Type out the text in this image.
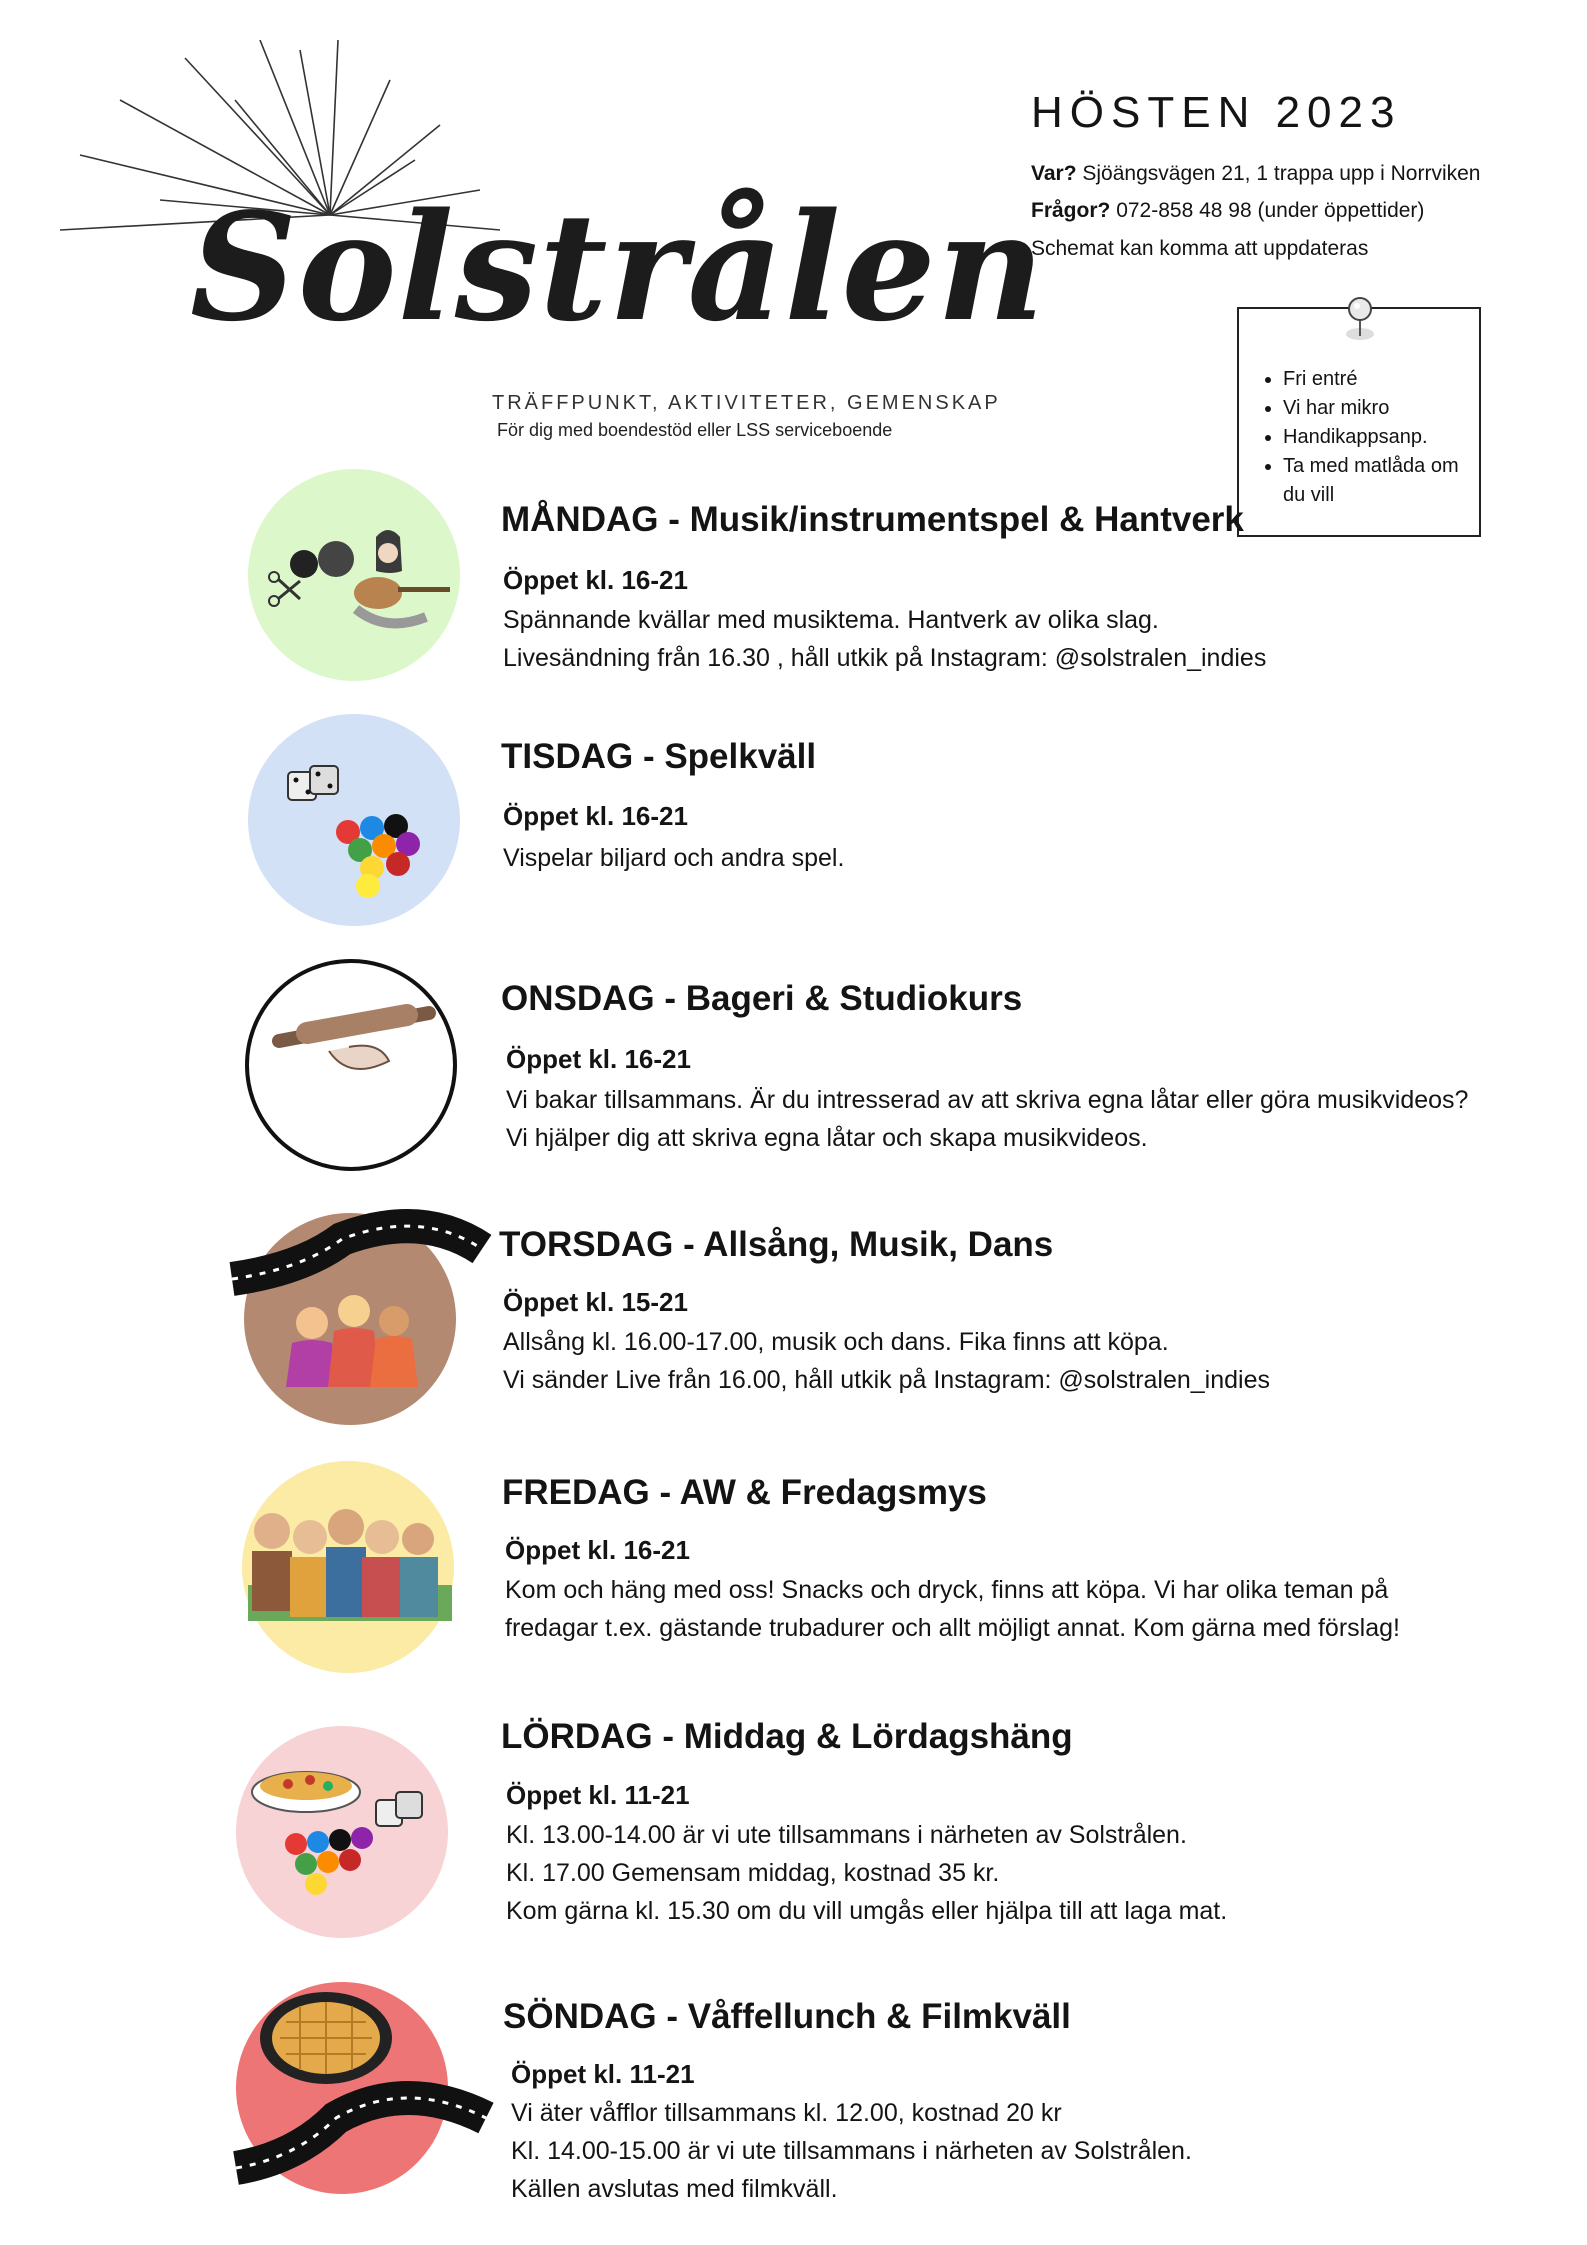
Solstrålen
TRÄFFPUNKT, AKTIVITETER, GEMENSKAP
För dig med boendestöd eller LSS serviceboende
HÖSTEN 2023
Var? Sjöängsvägen 21, 1 trappa upp i Norrviken
Frågor? 072-858 48 98 (under öppettider)
Schemat kan komma att uppdateras
• Fri entré
• Vi har mikro
• Handikappsanp.
• Ta med matlåda om du vill
MÅNDAG - Musik/instrumentspel & Hantverk
Öppet kl. 16-21
Spännande kvällar med musiktema. Hantverk av olika slag.
Livesändning från 16.30 , håll utkik på Instagram: @solstralen_indies
TISDAG - Spelkväll
Öppet kl. 16-21
Vispelar biljard och andra spel.
ONSDAG - Bageri & Studiokurs
Öppet kl. 16-21
Vi bakar tillsammans. Är du intresserad av att skriva egna låtar eller göra musikvideos?
Vi hjälper dig att skriva egna låtar och skapa musikvideos.
TORSDAG - Allsång, Musik, Dans
Öppet kl. 15-21
Allsång kl. 16.00-17.00, musik och dans. Fika finns att köpa.
Vi sänder Live från 16.00, håll utkik på Instagram: @solstralen_indies
FREDAG - AW & Fredagsmys
Öppet kl. 16-21
Kom och häng med oss! Snacks och dryck, finns att köpa. Vi har olika teman på
fredagar t.ex. gästande trubadurer och allt möjligt annat. Kom gärna med förslag!
LÖRDAG - Middag & Lördagshäng
Öppet kl. 11-21
Kl. 13.00-14.00 är vi ute tillsammans i närheten av Solstrålen.
Kl. 17.00 Gemensam middag, kostnad 35 kr.
Kom gärna kl. 15.30 om du vill umgås eller hjälpa till att laga mat.
SÖNDAG - Våffellunch & Filmkväll
Öppet kl. 11-21
Vi äter våfflor tillsammans kl. 12.00, kostnad 20 kr
Kl. 14.00-15.00 är vi ute tillsammans i närheten av Solstrålen.
Källen avslutas med filmkväll.
